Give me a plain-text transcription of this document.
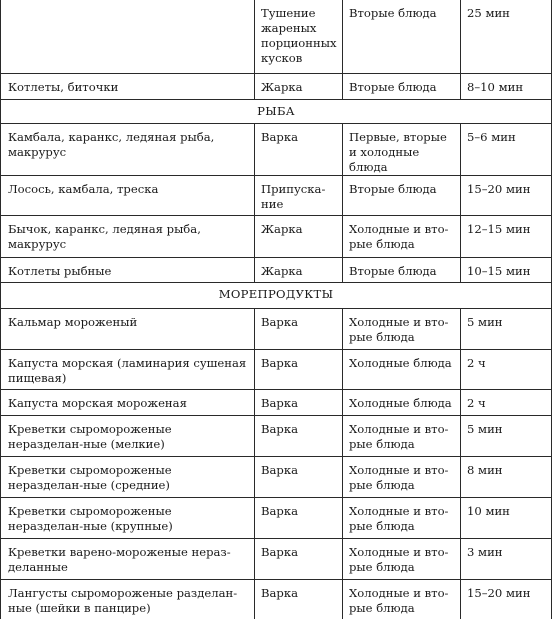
	Тушение жареных порционных кусков	Вторые блюда	25 мин

Котлеты, биточки	Жарка	Вторые блюда	8–10 мин

РЫБА			

Камбала, каранкс, ледяная рыба, макрурус	Варка	Первые, вторые и холодные блюда	5–6 мин

Лосось, камбала, треска	Припуска-ние	Вторые блюда	15–20 мин

Бычок, каранкс, ледяная рыба, макрурус	Жарка	Холодные и вто-рые блюда	12–15 мин

Котлеты рыбные	Жарка	Вторые блюда	10–15 мин

МОРЕПРОДУКТЫ			

Кальмар мороженый	Варка	Холодные и вто-рые блюда	5 мин

Капуста морская (ламинария сушеная пищевая)	Варка	Холодные блюда	2 ч

Капуста морская мороженая	Варка	Холодные блюда	2 ч

Креветки сыромороженые неразделан-ные (мелкие)	Варка	Холодные и вто-рые блюда	5 мин

Креветки сыромороженые неразделан-ные (средние)	Варка	Холодные и вто-рые блюда	8 мин

Креветки сыромороженые неразделан-ные (крупные)	Варка	Холодные и вто-рые блюда	10 мин

Креветки варено-мороженые нераз-деланные	Варка	Холодные и вто-рые блюда	3 мин

Лангусты сыромороженые разделан-ные (шейки в панцире)	Варка	Холодные и вто-рые блюда	15–20 мин
